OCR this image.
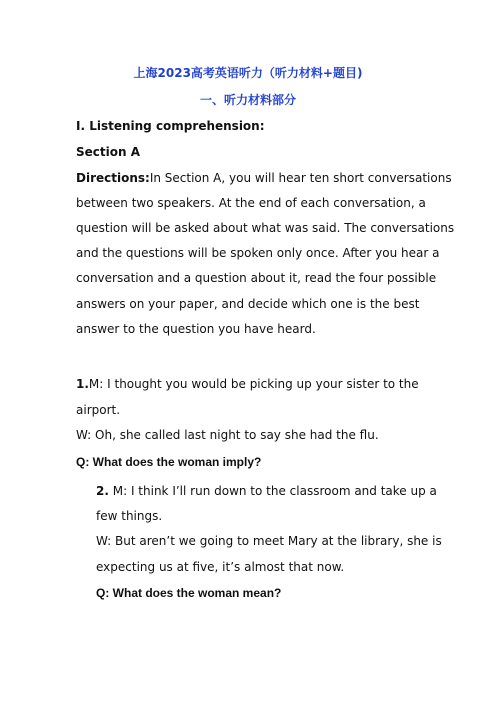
上海2023高考英语听力（听力材料+题目)
一、听力材料部分
I. Listening comprehension:
Section A
Directions:In Section A, you will hear ten short conversations
between two speakers. At the end of each conversation, a
question will be asked about what was said. The conversations
and the questions will be spoken only once. After you hear a
conversation and a question about it, read the four possible
answers on your paper, and decide which one is the best
answer to the question you have heard.
1.M: I thought you would be picking up your sister to the
airport.
W: Oh, she called last night to say she had the flu.
Q: What does the woman imply?
2. M: I think I’ll run down to the classroom and take up a
few things.
W: But aren’t we going to meet Mary at the library, she is
expecting us at five, it’s almost that now.
Q: What does the woman mean?
